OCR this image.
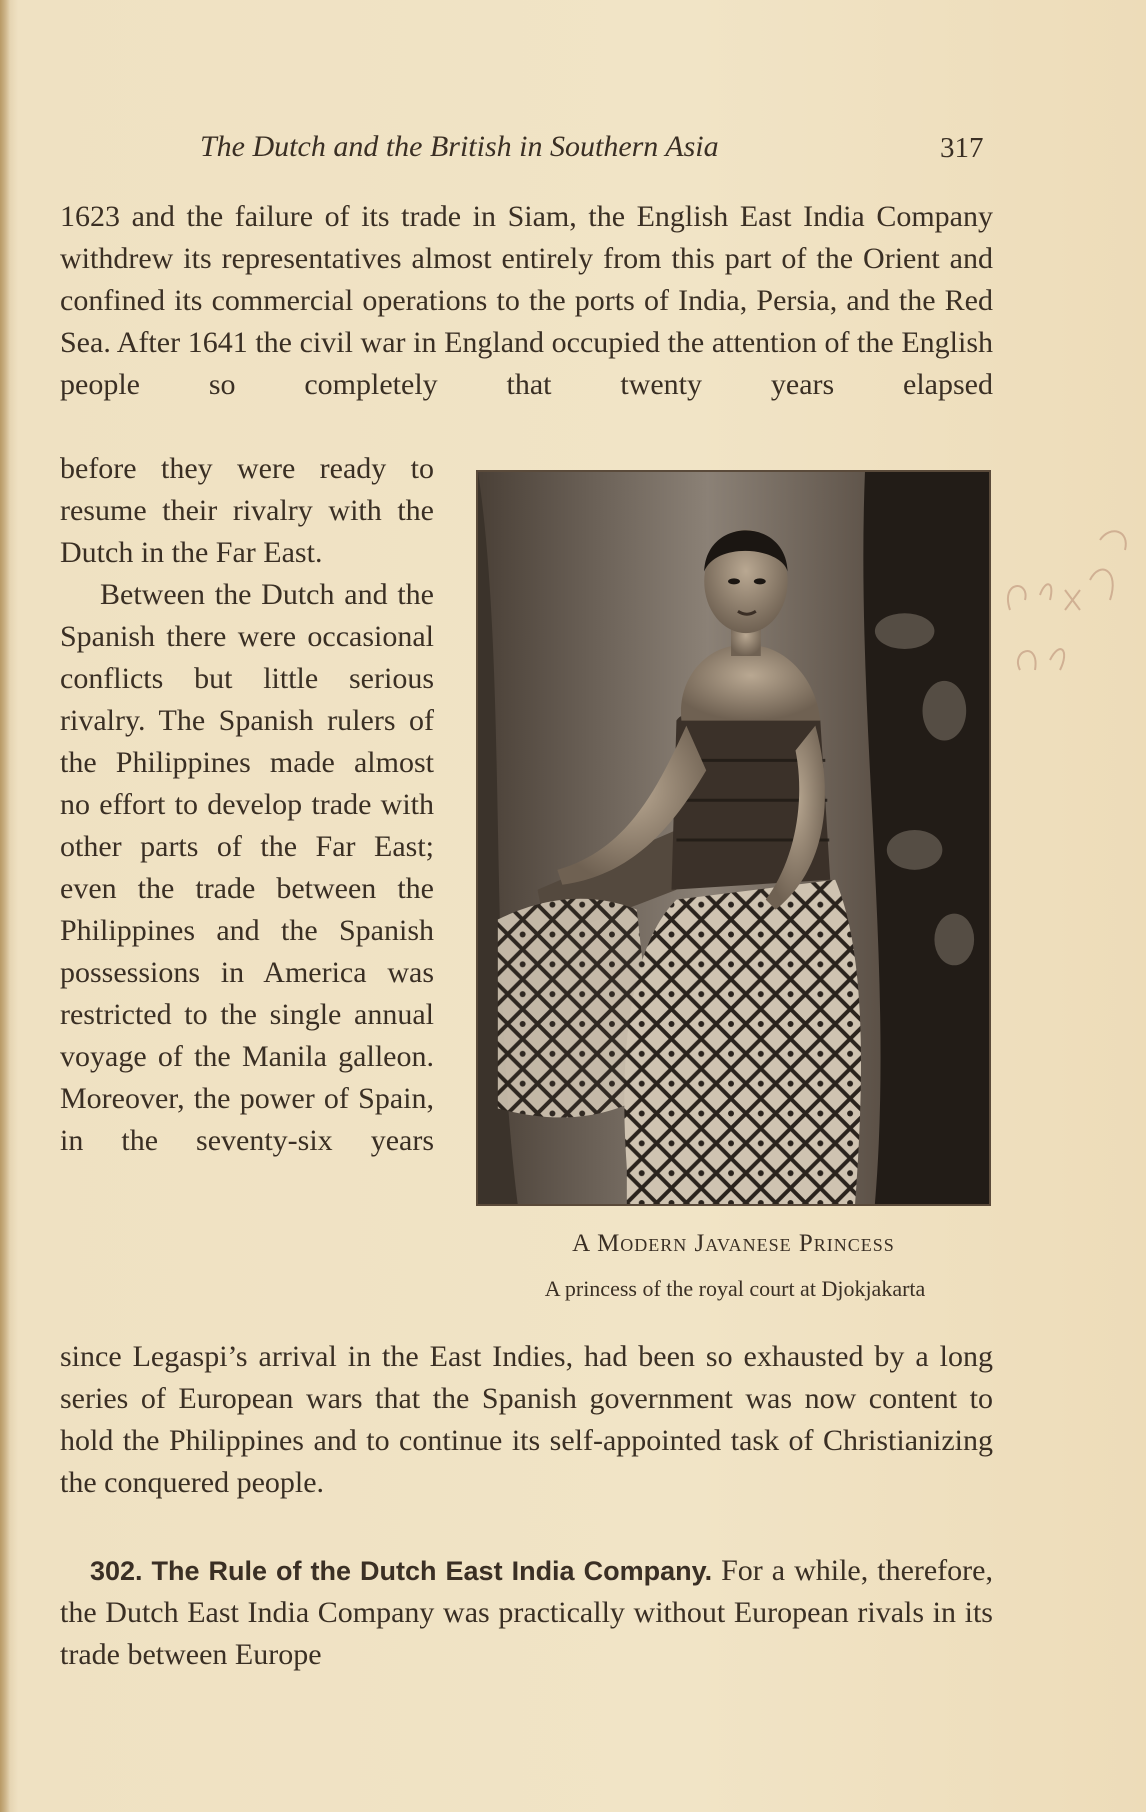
The Dutch and the British in Southern Asia	317
1623 and the failure of its trade in Siam, the English East India Company withdrew its representatives almost entirely from this part of the Orient and confined its commercial operations to the ports of India, Persia, and the Red Sea. After 1641 the civil war in England occupied the attention of the English people so completely that twenty years elapsed

before they were ready to resume their rivalry with the Dutch in the Far East.

Between the Dutch and the Spanish there were occasional conflicts but little serious rivalry. The Spanish rulers of the Philippines made almost no effort to develop trade with other parts of the Far East; even the trade between the Philippines and the Spanish possessions in America was restricted to the single annual voyage of the Manila galleon. Moreover, the power of Spain, in the seventy-six years

A Modern Javanese Princess
A princess of the royal court at Djokjakarta
since Legaspi’s arrival in the East Indies, had been so exhausted by a long series of European wars that the Spanish government was now content to hold the Philippines and to continue its self-appointed task of Christianizing the conquered people.
302. The Rule of the Dutch East India Company. For a while, therefore, the Dutch East India Company was practically without European rivals in its trade between Europe
